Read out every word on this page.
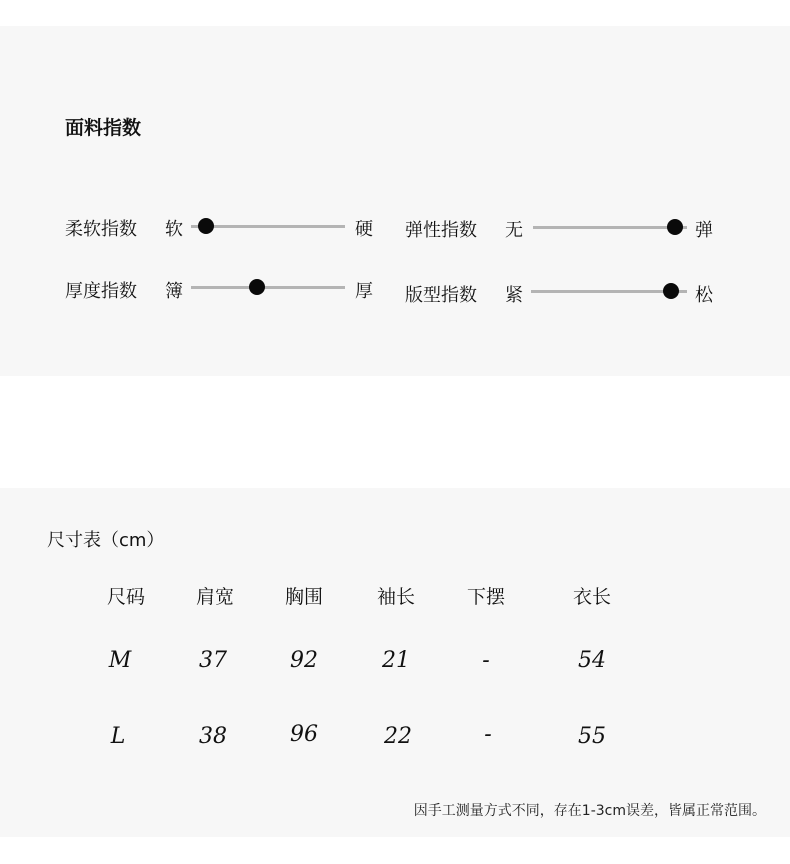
面料指数
柔软指数 软	硬 弹性指数 无	弹
厚度指数 簿	厚 版型指数 紧	松
尺寸表（cm）
尺码	肩宽	胸围	袖长	下摆	衣长
M	37	92	21	-	54
L	38	96	22	-	55
因手工测量方式不同，存在1-3cm误差，皆属正常范围。
